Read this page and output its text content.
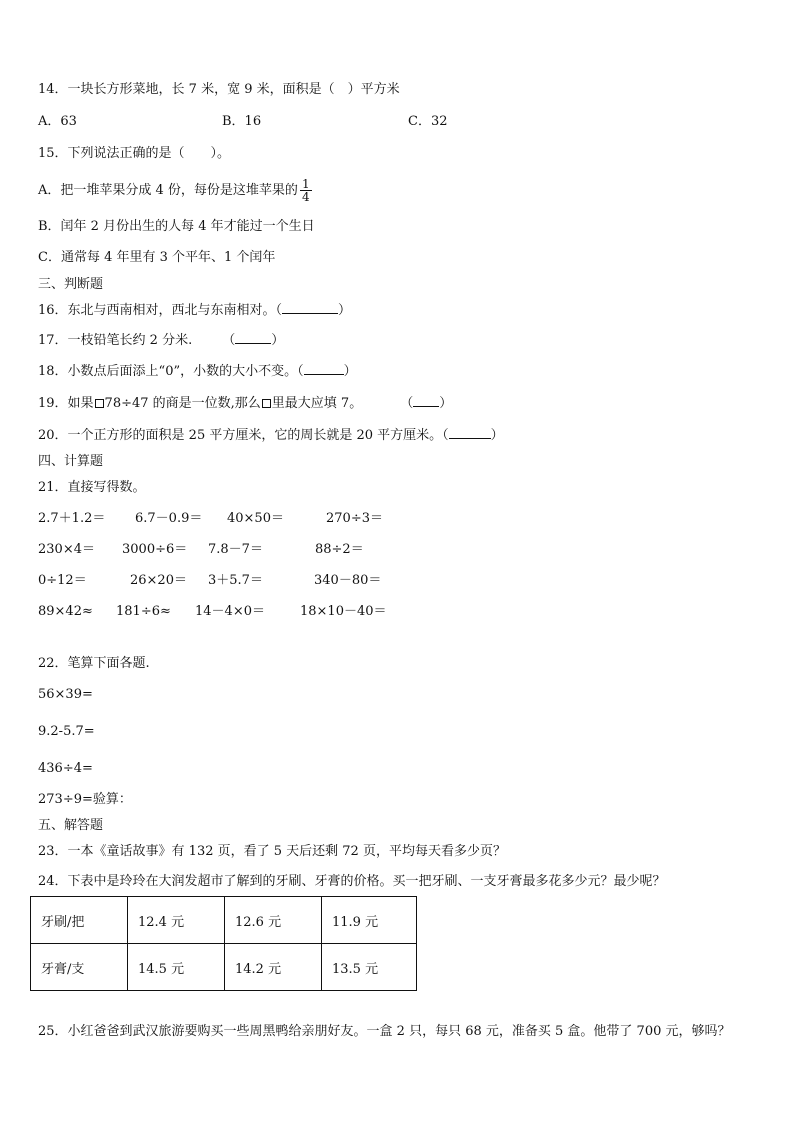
14．一块长方形菜地，长 7 米，宽 9 米，面积是（　）平方米
A．63	B．16	C．32
15．下列说法正确的是（　　）。
A．把一堆苹果分成 4 份，每份是这堆苹果的 $\frac{1}{4}$
B．闰年 2 月份出生的人每 4 年才能过一个生日
C．通常每 4 年里有 3 个平年、1 个闰年
三、判断题
16．东北与西南相对，西北与东南相对。（	）
17．一枝铅笔长约 2 分米. （	）
18．小数点后面添上“0”，小数的大小不变。（	）
19．如果 78÷47 的商是一位数,那么 里最大应填 7。	（ ）
20．一个正方形的面积是 25 平方厘米，它的周长就是 20 平方厘米。（	）
四、计算题
21．直接写得数。
2.7＋1.2＝ 6.7－0.9＝ 40×50＝	270÷3＝
230×4＝ 3000÷6＝ 7.8－7＝	88÷2＝
0÷12＝	26×20＝ 3＋5.7＝	340－80＝
89×42≈ 181÷6≈ 14－4×0＝	18×10－40＝
22．笔算下面各题.
56×39=
9.2-5.7=
436÷4=
273÷9=验算：
五、解答题
23．一本《童话故事》有 132 页，看了 5 天后还剩 72 页，平均每天看多少页？
24．下表中是玲玲在大润发超市了解到的牙刷、牙膏的价格。买一把牙刷、一支牙膏最多花多少元？最少呢？
牙刷/把	12.4 元	12.6 元	11.9 元
牙膏/支	14.5 元	14.2 元	13.5 元
25．小红爸爸到武汉旅游要购买一些周黑鸭给亲朋好友。一盒 2 只，每只 68 元，准备买 5 盒。他带了 700 元，够吗？
